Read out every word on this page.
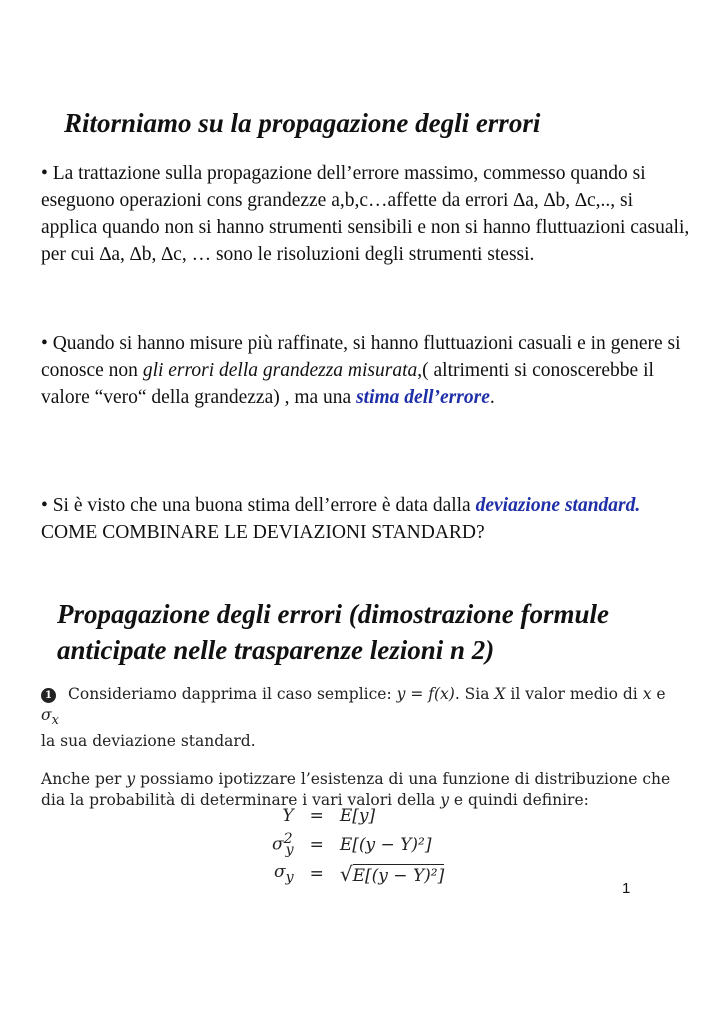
Ritorniamo su la propagazione degli errori

• La trattazione sulla propagazione dell’errore massimo, commesso quando si eseguono operazioni cons grandezze a,b,c…affette da errori ∆a, ∆b, ∆c,.., si applica quando non si hanno strumenti sensibili e non si hanno fluttuazioni casuali, per cui ∆a, ∆b, ∆c, … sono le risoluzioni degli strumenti stessi.

• Quando si hanno misure più raffinate, si hanno fluttuazioni casuali e in genere si conosce non gli errori della grandezza misurata,( altrimenti si conoscerebbe il valore “vero“ della grandezza) , ma una stima dell’errore.

• Si è visto che una buona stima dell’errore è data dalla deviazione standard. COME COMBINARE LE DEVIAZIONI STANDARD?

Propagazione degli errori (dimostrazione formule
anticipate nelle trasparenze lezioni n 2)

1 Consideriamo dapprima il caso semplice: y = f(x). Sia X il valor medio di x e $\sigma_x$
la sua deviazione standard.

Anche per y possiamo ipotizzare l’esistenza di una funzione di distribuzione che dia la probabilità di determinare i vari valori della y e quindi definire:

Y	=	E[y]
$\sigma^2_y$	=	E[(y − Y)²]
$\sigma_y$	=	√E[(y − Y)²]
1
